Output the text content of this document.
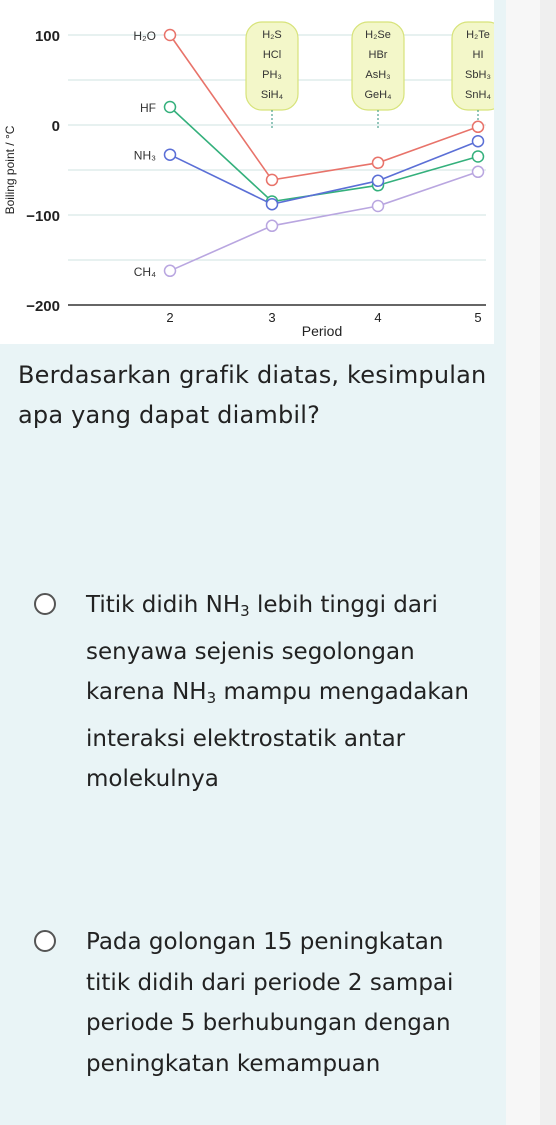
100
0
−100
−200
Boiling point / °C
2	3	4	5
Period
H₂S
HCl
PH₃
SiH₄
H₂Se
HBr
AsH₃
GeH₄
H₂Te
HI
SbH₃
SnH₄
H₂O
HF
NH₃
CH₄
Berdasarkan grafik diatas, kesimpulan apa yang dapat diambil?
Titik didih $NH_3$ lebih tinggi dari senyawa sejenis segolongan karena $NH_3$ mampu mengadakan interaksi elektrostatik antar molekulnya
Pada golongan 15 peningkatan titik didih dari periode 2 sampai periode 5 berhubungan dengan peningkatan kemampuan
